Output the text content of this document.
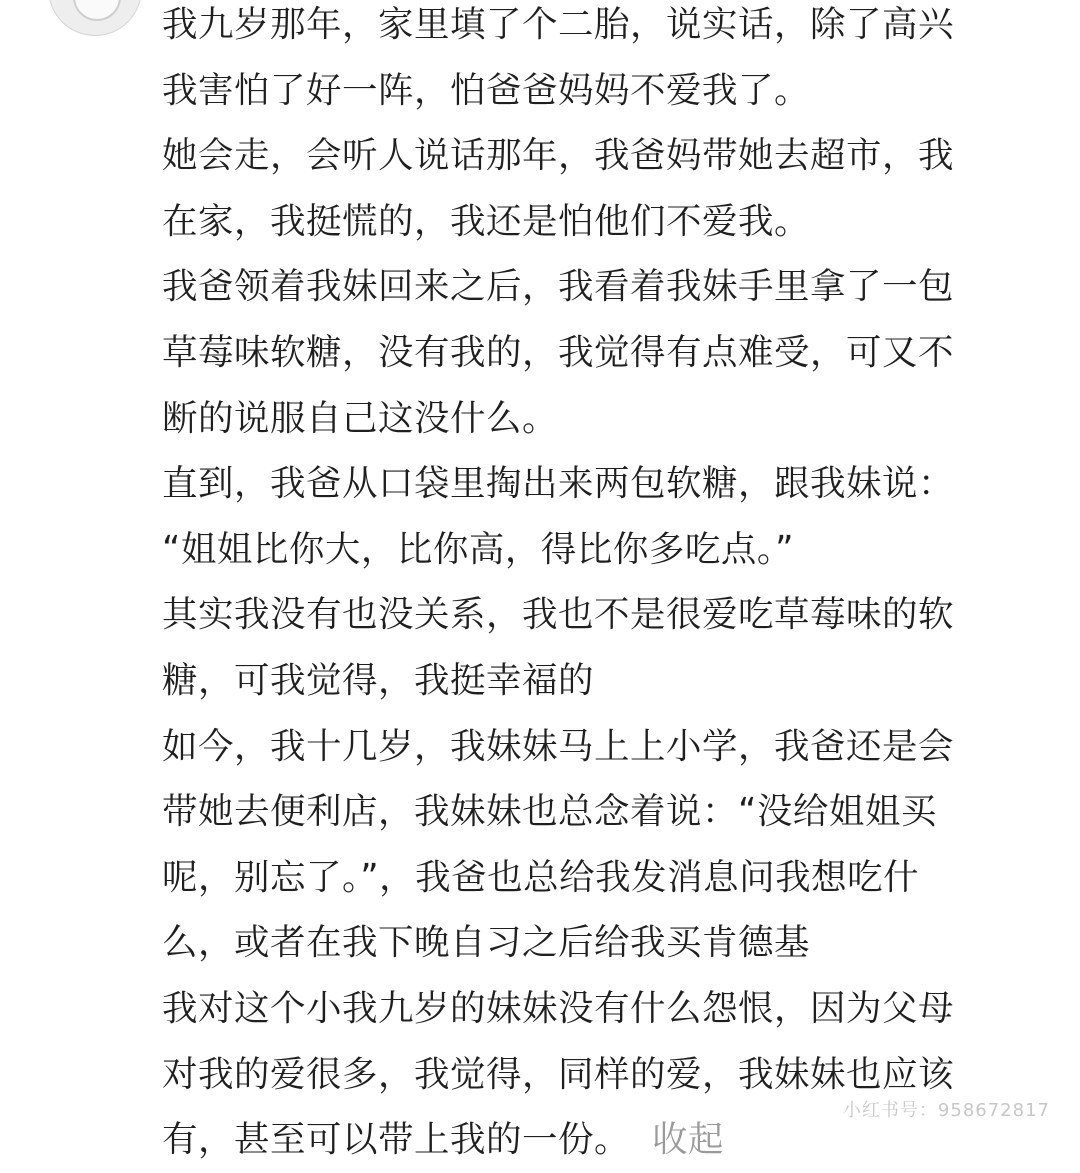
我九岁那年，家里填了个二胎，说实话，除了高兴
我害怕了好一阵，怕爸爸妈妈不爱我了。
她会走，会听人说话那年，我爸妈带她去超市，我
在家，我挺慌的，我还是怕他们不爱我。
我爸领着我妹回来之后，我看着我妹手里拿了一包
草莓味软糖，没有我的，我觉得有点难受，可又不
断的说服自己这没什么。
直到，我爸从口袋里掏出来两包软糖，跟我妹说：
“姐姐比你大，比你高，得比你多吃点。”
其实我没有也没关系，我也不是很爱吃草莓味的软
糖，可我觉得，我挺幸福的
如今，我十几岁，我妹妹马上上小学，我爸还是会
带她去便利店，我妹妹也总念着说：“没给姐姐买
呢，别忘了。”，我爸也总给我发消息问我想吃什
么，或者在我下晚自习之后给我买肯德基
我对这个小我九岁的妹妹没有什么怨恨，因为父母
对我的爱很多，我觉得，同样的爱，我妹妹也应该
有，甚至可以带上我的一份。 收起
小红书号：958672817
